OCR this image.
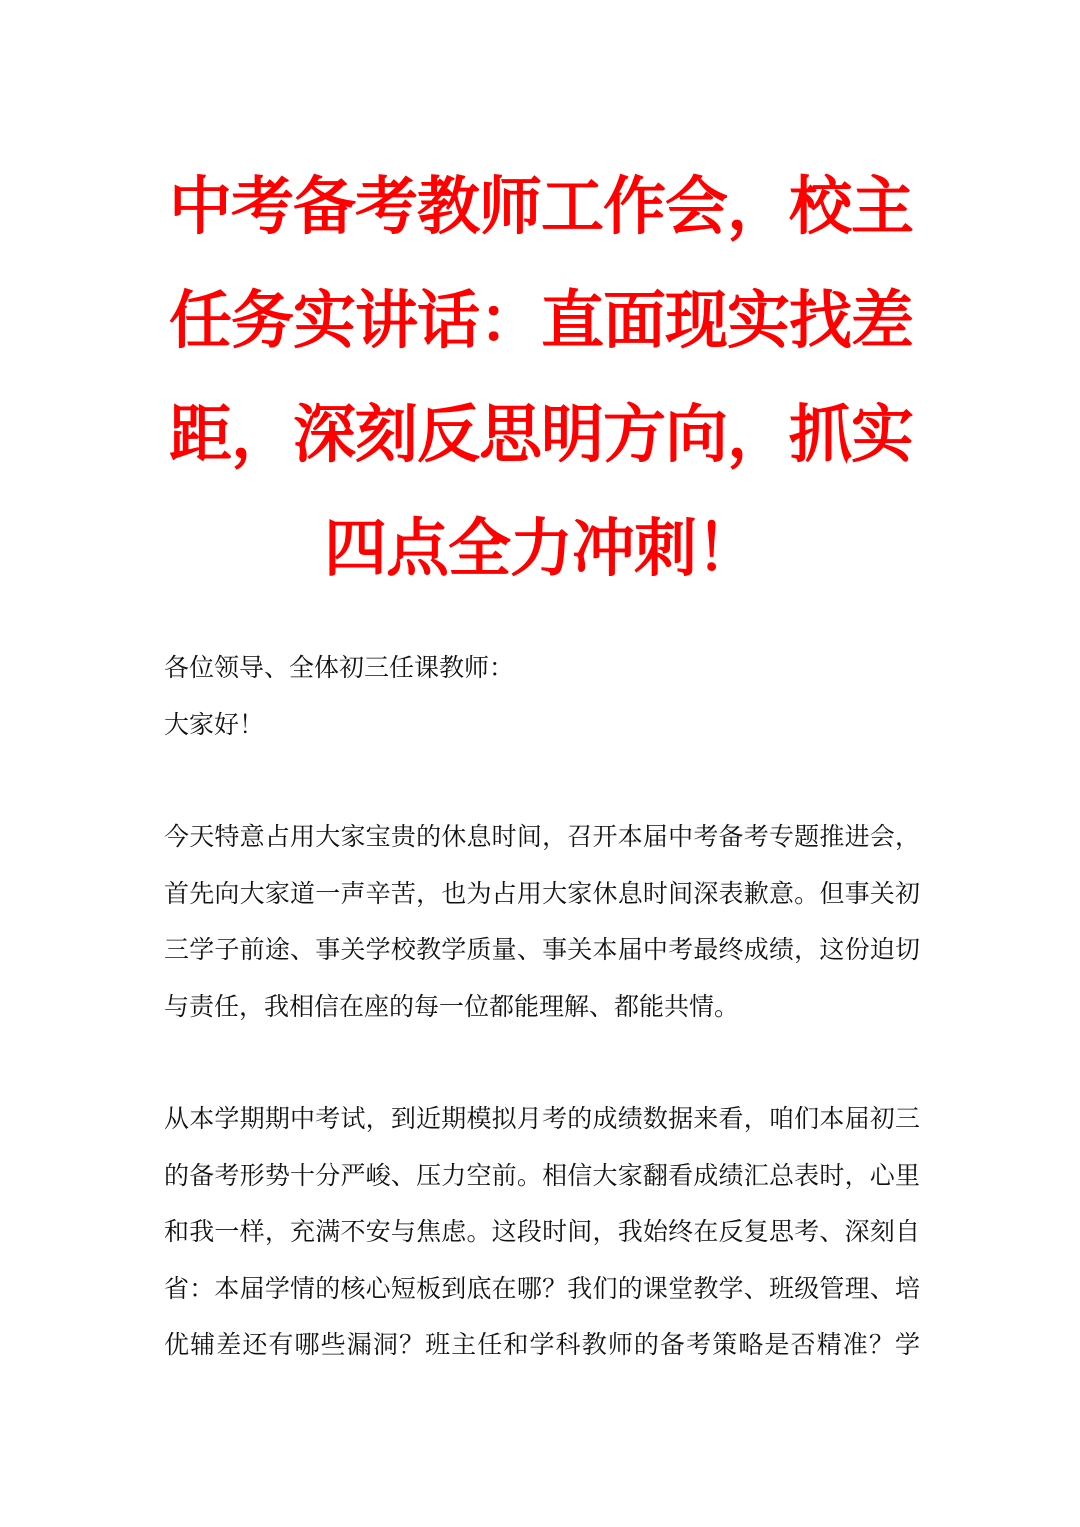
中考备考教师工作会，校主
任务实讲话：直面现实找差
距，深刻反思明方向，抓实
四点全力冲刺！
各位领导、全体初三任课教师：
大家好！
今天特意占用大家宝贵的休息时间，召开本届中考备考专题推进会，
首先向大家道一声辛苦，也为占用大家休息时间深表歉意。但事关初
三学子前途、事关学校教学质量、事关本届中考最终成绩，这份迫切
与责任，我相信在座的每一位都能理解、都能共情。
从本学期期中考试，到近期模拟月考的成绩数据来看，咱们本届初三
的备考形势十分严峻、压力空前。相信大家翻看成绩汇总表时，心里
和我一样，充满不安与焦虑。这段时间，我始终在反复思考、深刻自
省：本届学情的核心短板到底在哪？我们的课堂教学、班级管理、培
优辅差还有哪些漏洞？班主任和学科教师的备考策略是否精准？学
